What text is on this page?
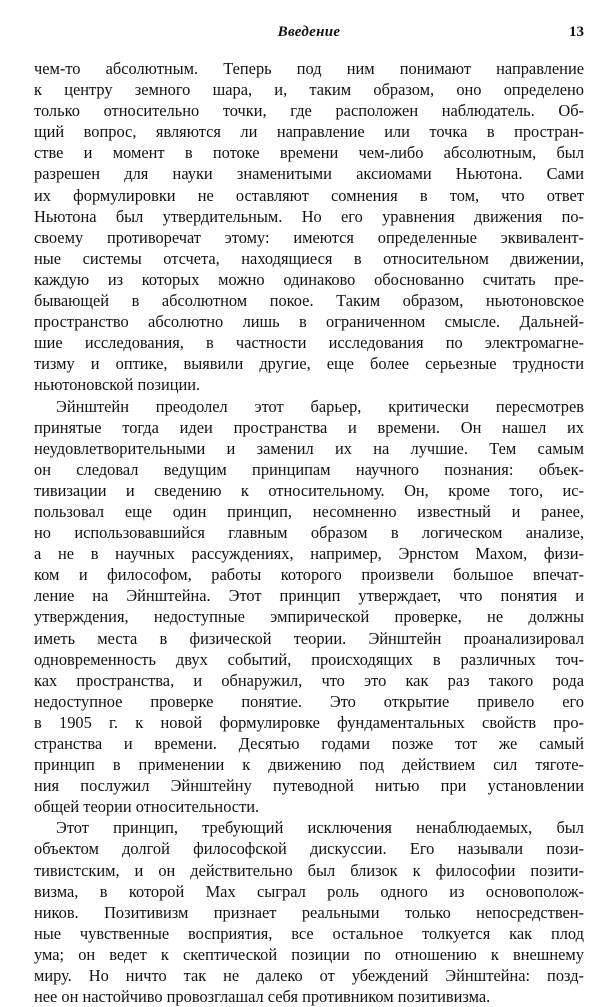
Введение	13
чем-то абсолютным. Теперь под ним понимают направление
к центру земного шара, и, таким образом, оно определено
только относительно точки, где расположен наблюдатель. Об-
щий вопрос, являются ли направление или точка в простран-
стве и момент в потоке времени чем-либо абсолютным, был
разрешен для науки знаменитыми аксиомами Ньютона. Сами
их формулировки не оставляют сомнения в том, что ответ
Ньютона был утвердительным. Но его уравнения движения по-
своему противоречат этому: имеются определенные эквивалент-
ные системы отсчета, находящиеся в относительном движении,
каждую из которых можно одинаково обоснованно считать пре-
бывающей в абсолютном покое. Таким образом, ньютоновское
пространство абсолютно лишь в ограниченном смысле. Дальней-
шие исследования, в частности исследования по электромагне-
тизму и оптике, выявили другие, еще более серьезные трудности
ньютоновской позиции.
Эйнштейн преодолел этот барьер, критически пересмотрев
принятые тогда идеи пространства и времени. Он нашел их
неудовлетворительными и заменил их на лучшие. Тем самым
он следовал ведущим принципам научного познания: объек-
тивизации и сведению к относительному. Он, кроме того, ис-
пользовал еще один принцип, несомненно известный и ранее,
но использовавшийся главным образом в логическом анализе,
а не в научных рассуждениях, например, Эрнстом Махом, физи-
ком и философом, работы которого произвели большое впечат-
ление на Эйнштейна. Этот принцип утверждает, что понятия и
утверждения, недоступные эмпирической проверке, не должны
иметь места в физической теории. Эйнштейн проанализировал
одновременность двух событий, происходящих в различных точ-
ках пространства, и обнаружил, что это как раз такого рода
недоступное проверке понятие. Это открытие привело его
в 1905 г. к новой формулировке фундаментальных свойств про-
странства и времени. Десятью годами позже тот же самый
принцип в применении к движению под действием сил тяготе-
ния послужил Эйнштейну путеводной нитью при установлении
общей теории относительности.
Этот принцип, требующий исключения ненаблюдаемых, был
объектом долгой философской дискуссии. Его называли пози-
тивистским, и он действительно был близок к философии позити-
визма, в которой Мах сыграл роль одного из основополож-
ников. Позитивизм признает реальными только непосредствен-
ные чувственные восприятия, все остальное толкуется как плод
ума; он ведет к скептической позиции по отношению к внешнему
миру. Но ничто так не далеко от убеждений Эйнштейна: позд-
нее он настойчиво провозглашал себя противником позитивизма.
